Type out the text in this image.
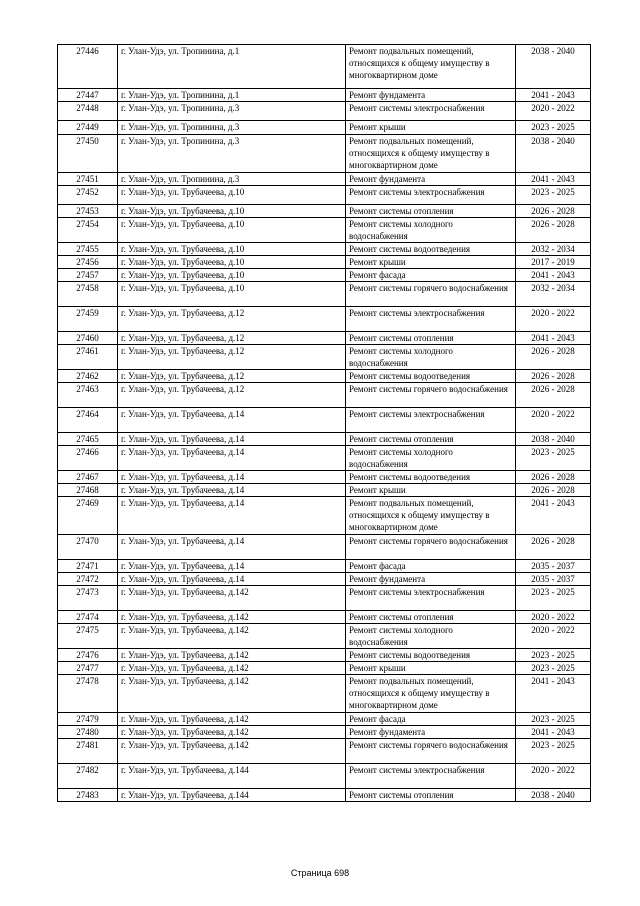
27446	г. Улан-Удэ, ул. Тропинина, д.1	Ремонт подвальных помещений, относящихся к общему имуществу в многоквартирном доме	2038 - 2040
27447	г. Улан-Удэ, ул. Тропинина, д.1	Ремонт фундамента	2041 - 2043
27448	г. Улан-Удэ, ул. Тропинина, д.3	Ремонт системы электроснабжения	2020 - 2022
27449	г. Улан-Удэ, ул. Тропинина, д.3	Ремонт крыши	2023 - 2025
27450	г. Улан-Удэ, ул. Тропинина, д.3	Ремонт подвальных помещений, относящихся к общему имуществу в многоквартирном доме	2038 - 2040
27451	г. Улан-Удэ, ул. Тропинина, д.3	Ремонт фундамента	2041 - 2043
27452	г. Улан-Удэ, ул. Трубачеева, д.10	Ремонт системы электроснабжения	2023 - 2025
27453	г. Улан-Удэ, ул. Трубачеева, д.10	Ремонт системы отопления	2026 - 2028
27454	г. Улан-Удэ, ул. Трубачеева, д.10	Ремонт системы холодного водоснабжения	2026 - 2028
27455	г. Улан-Удэ, ул. Трубачеева, д.10	Ремонт системы водоотведения	2032 - 2034
27456	г. Улан-Удэ, ул. Трубачеева, д.10	Ремонт крыши	2017 - 2019
27457	г. Улан-Удэ, ул. Трубачеева, д.10	Ремонт фасада	2041 - 2043
27458	г. Улан-Удэ, ул. Трубачеева, д.10	Ремонт системы горячего водоснабжения	2032 - 2034
27459	г. Улан-Удэ, ул. Трубачеева, д.12	Ремонт системы электроснабжения	2020 - 2022
27460	г. Улан-Удэ, ул. Трубачеева, д.12	Ремонт системы отопления	2041 - 2043
27461	г. Улан-Удэ, ул. Трубачеева, д.12	Ремонт системы холодного водоснабжения	2026 - 2028
27462	г. Улан-Удэ, ул. Трубачеева, д.12	Ремонт системы водоотведения	2026 - 2028
27463	г. Улан-Удэ, ул. Трубачеева, д.12	Ремонт системы горячего водоснабжения	2026 - 2028
27464	г. Улан-Удэ, ул. Трубачеева, д.14	Ремонт системы электроснабжения	2020 - 2022
27465	г. Улан-Удэ, ул. Трубачеева, д.14	Ремонт системы отопления	2038 - 2040
27466	г. Улан-Удэ, ул. Трубачеева, д.14	Ремонт системы холодного водоснабжения	2023 - 2025
27467	г. Улан-Удэ, ул. Трубачеева, д.14	Ремонт системы водоотведения	2026 - 2028
27468	г. Улан-Удэ, ул. Трубачеева, д.14	Ремонт крыши	2026 - 2028
27469	г. Улан-Удэ, ул. Трубачеева, д.14	Ремонт подвальных помещений, относящихся к общему имуществу в многоквартирном доме	2041 - 2043
27470	г. Улан-Удэ, ул. Трубачеева, д.14	Ремонт системы горячего водоснабжения	2026 - 2028
27471	г. Улан-Удэ, ул. Трубачеева, д.14	Ремонт фасада	2035 - 2037
27472	г. Улан-Удэ, ул. Трубачеева, д.14	Ремонт фундамента	2035 - 2037
27473	г. Улан-Удэ, ул. Трубачеева, д.142	Ремонт системы электроснабжения	2023 - 2025
27474	г. Улан-Удэ, ул. Трубачеева, д.142	Ремонт системы отопления	2020 - 2022
27475	г. Улан-Удэ, ул. Трубачеева, д.142	Ремонт системы холодного водоснабжения	2020 - 2022
27476	г. Улан-Удэ, ул. Трубачеева, д.142	Ремонт системы водоотведения	2023 - 2025
27477	г. Улан-Удэ, ул. Трубачеева, д.142	Ремонт крыши	2023 - 2025
27478	г. Улан-Удэ, ул. Трубачеева, д.142	Ремонт подвальных помещений, относящихся к общему имуществу в многоквартирном доме	2041 - 2043
27479	г. Улан-Удэ, ул. Трубачеева, д.142	Ремонт фасада	2023 - 2025
27480	г. Улан-Удэ, ул. Трубачеева, д.142	Ремонт фундамента	2041 - 2043
27481	г. Улан-Удэ, ул. Трубачеева, д.142	Ремонт системы горячего водоснабжения	2023 - 2025
27482	г. Улан-Удэ, ул. Трубачеева, д.144	Ремонт системы электроснабжения	2020 - 2022
27483	г. Улан-Удэ, ул. Трубачеева, д.144	Ремонт системы отопления	2038 - 2040
Страница 698
